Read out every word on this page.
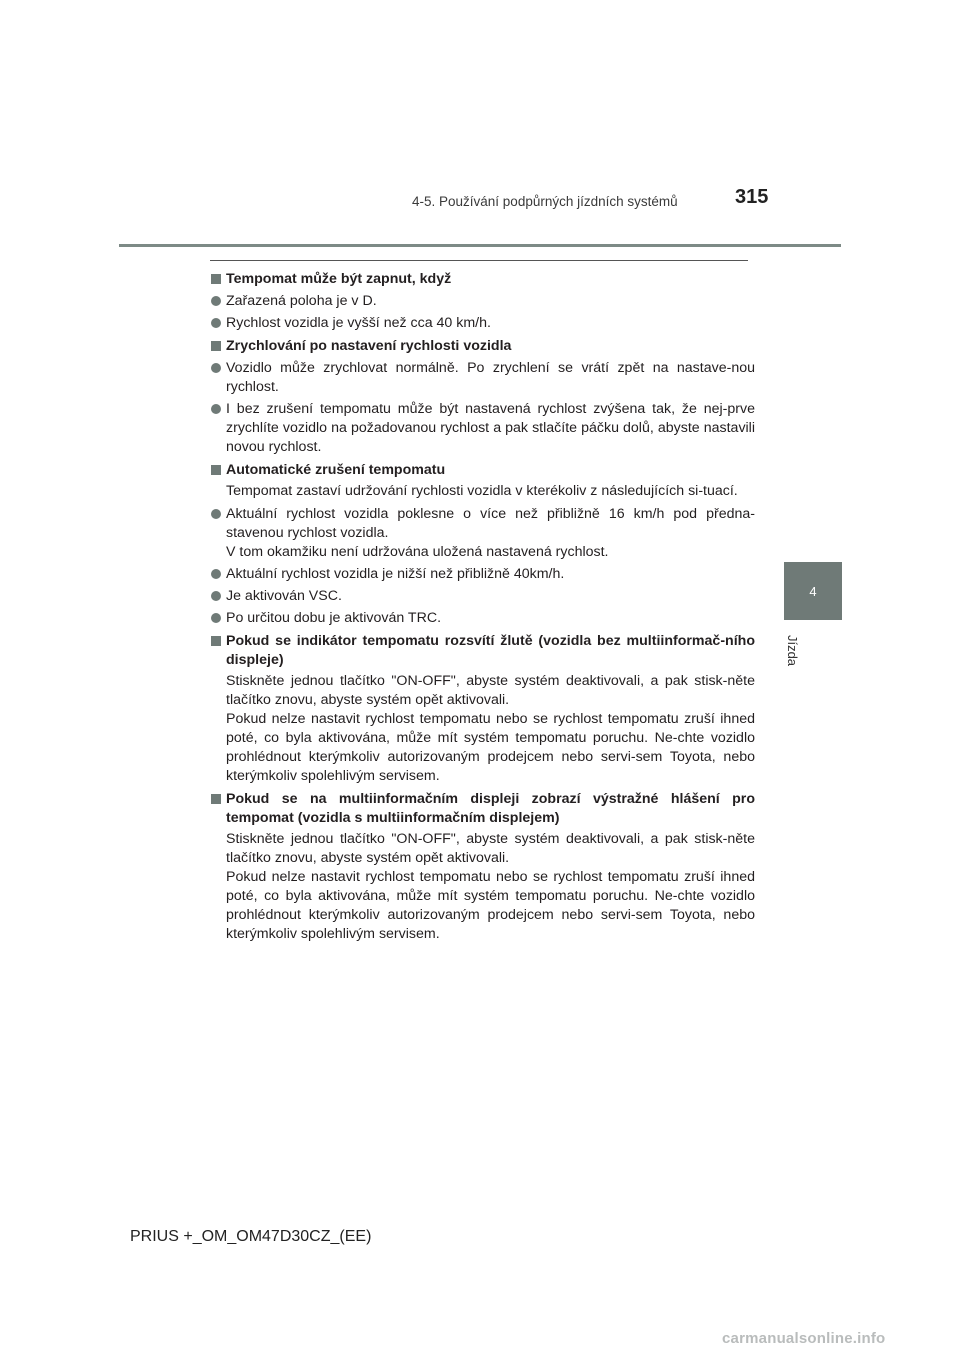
4-5. Používání podpůrných jízdních systémů	315
4
Jízda
Tempomat může být zapnut, když
Zařazená poloha je v D.
Rychlost vozidla je vyšší než cca 40 km/h.
Zrychlování po nastavení rychlosti vozidla
Vozidlo může zrychlovat normálně. Po zrychlení se vrátí zpět na nastave-nou rychlost.
I bez zrušení tempomatu může být nastavená rychlost zvýšena tak, že nej-prve zrychlíte vozidlo na požadovanou rychlost a pak stlačíte páčku dolů, abyste nastavili novou rychlost.
Automatické zrušení tempomatu
Tempomat zastaví udržování rychlosti vozidla v kterékoliv z následujících si-tuací.
Aktuální rychlost vozidla poklesne o více než přibližně 16 km/h pod předna-stavenou rychlost vozidla.
V tom okamžiku není udržována uložená nastavená rychlost.
Aktuální rychlost vozidla je nižší než přibližně 40km/h.
Je aktivován VSC.
Po určitou dobu je aktivován TRC.
Pokud se indikátor tempomatu rozsvítí žlutě (vozidla bez multiinformač-ního displeje)
Stiskněte jednou tlačítko "ON-OFF", abyste systém deaktivovali, a pak stisk-něte tlačítko znovu, abyste systém opět aktivovali.
Pokud nelze nastavit rychlost tempomatu nebo se rychlost tempomatu zruší ihned poté, co byla aktivována, může mít systém tempomatu poruchu. Ne-chte vozidlo prohlédnout kterýmkoliv autorizovaným prodejcem nebo servi-sem Toyota, nebo kterýmkoliv spolehlivým servisem.
Pokud se na multiinformačním displeji zobrazí výstražné hlášení pro tempomat (vozidla s multiinformačním displejem)
Stiskněte jednou tlačítko "ON-OFF", abyste systém deaktivovali, a pak stisk-něte tlačítko znovu, abyste systém opět aktivovali.
Pokud nelze nastavit rychlost tempomatu nebo se rychlost tempomatu zruší ihned poté, co byla aktivována, může mít systém tempomatu poruchu. Ne-chte vozidlo prohlédnout kterýmkoliv autorizovaným prodejcem nebo servi-sem Toyota, nebo kterýmkoliv spolehlivým servisem.
PRIUS +_OM_OM47D30CZ_(EE)
carmanualsonline.info
